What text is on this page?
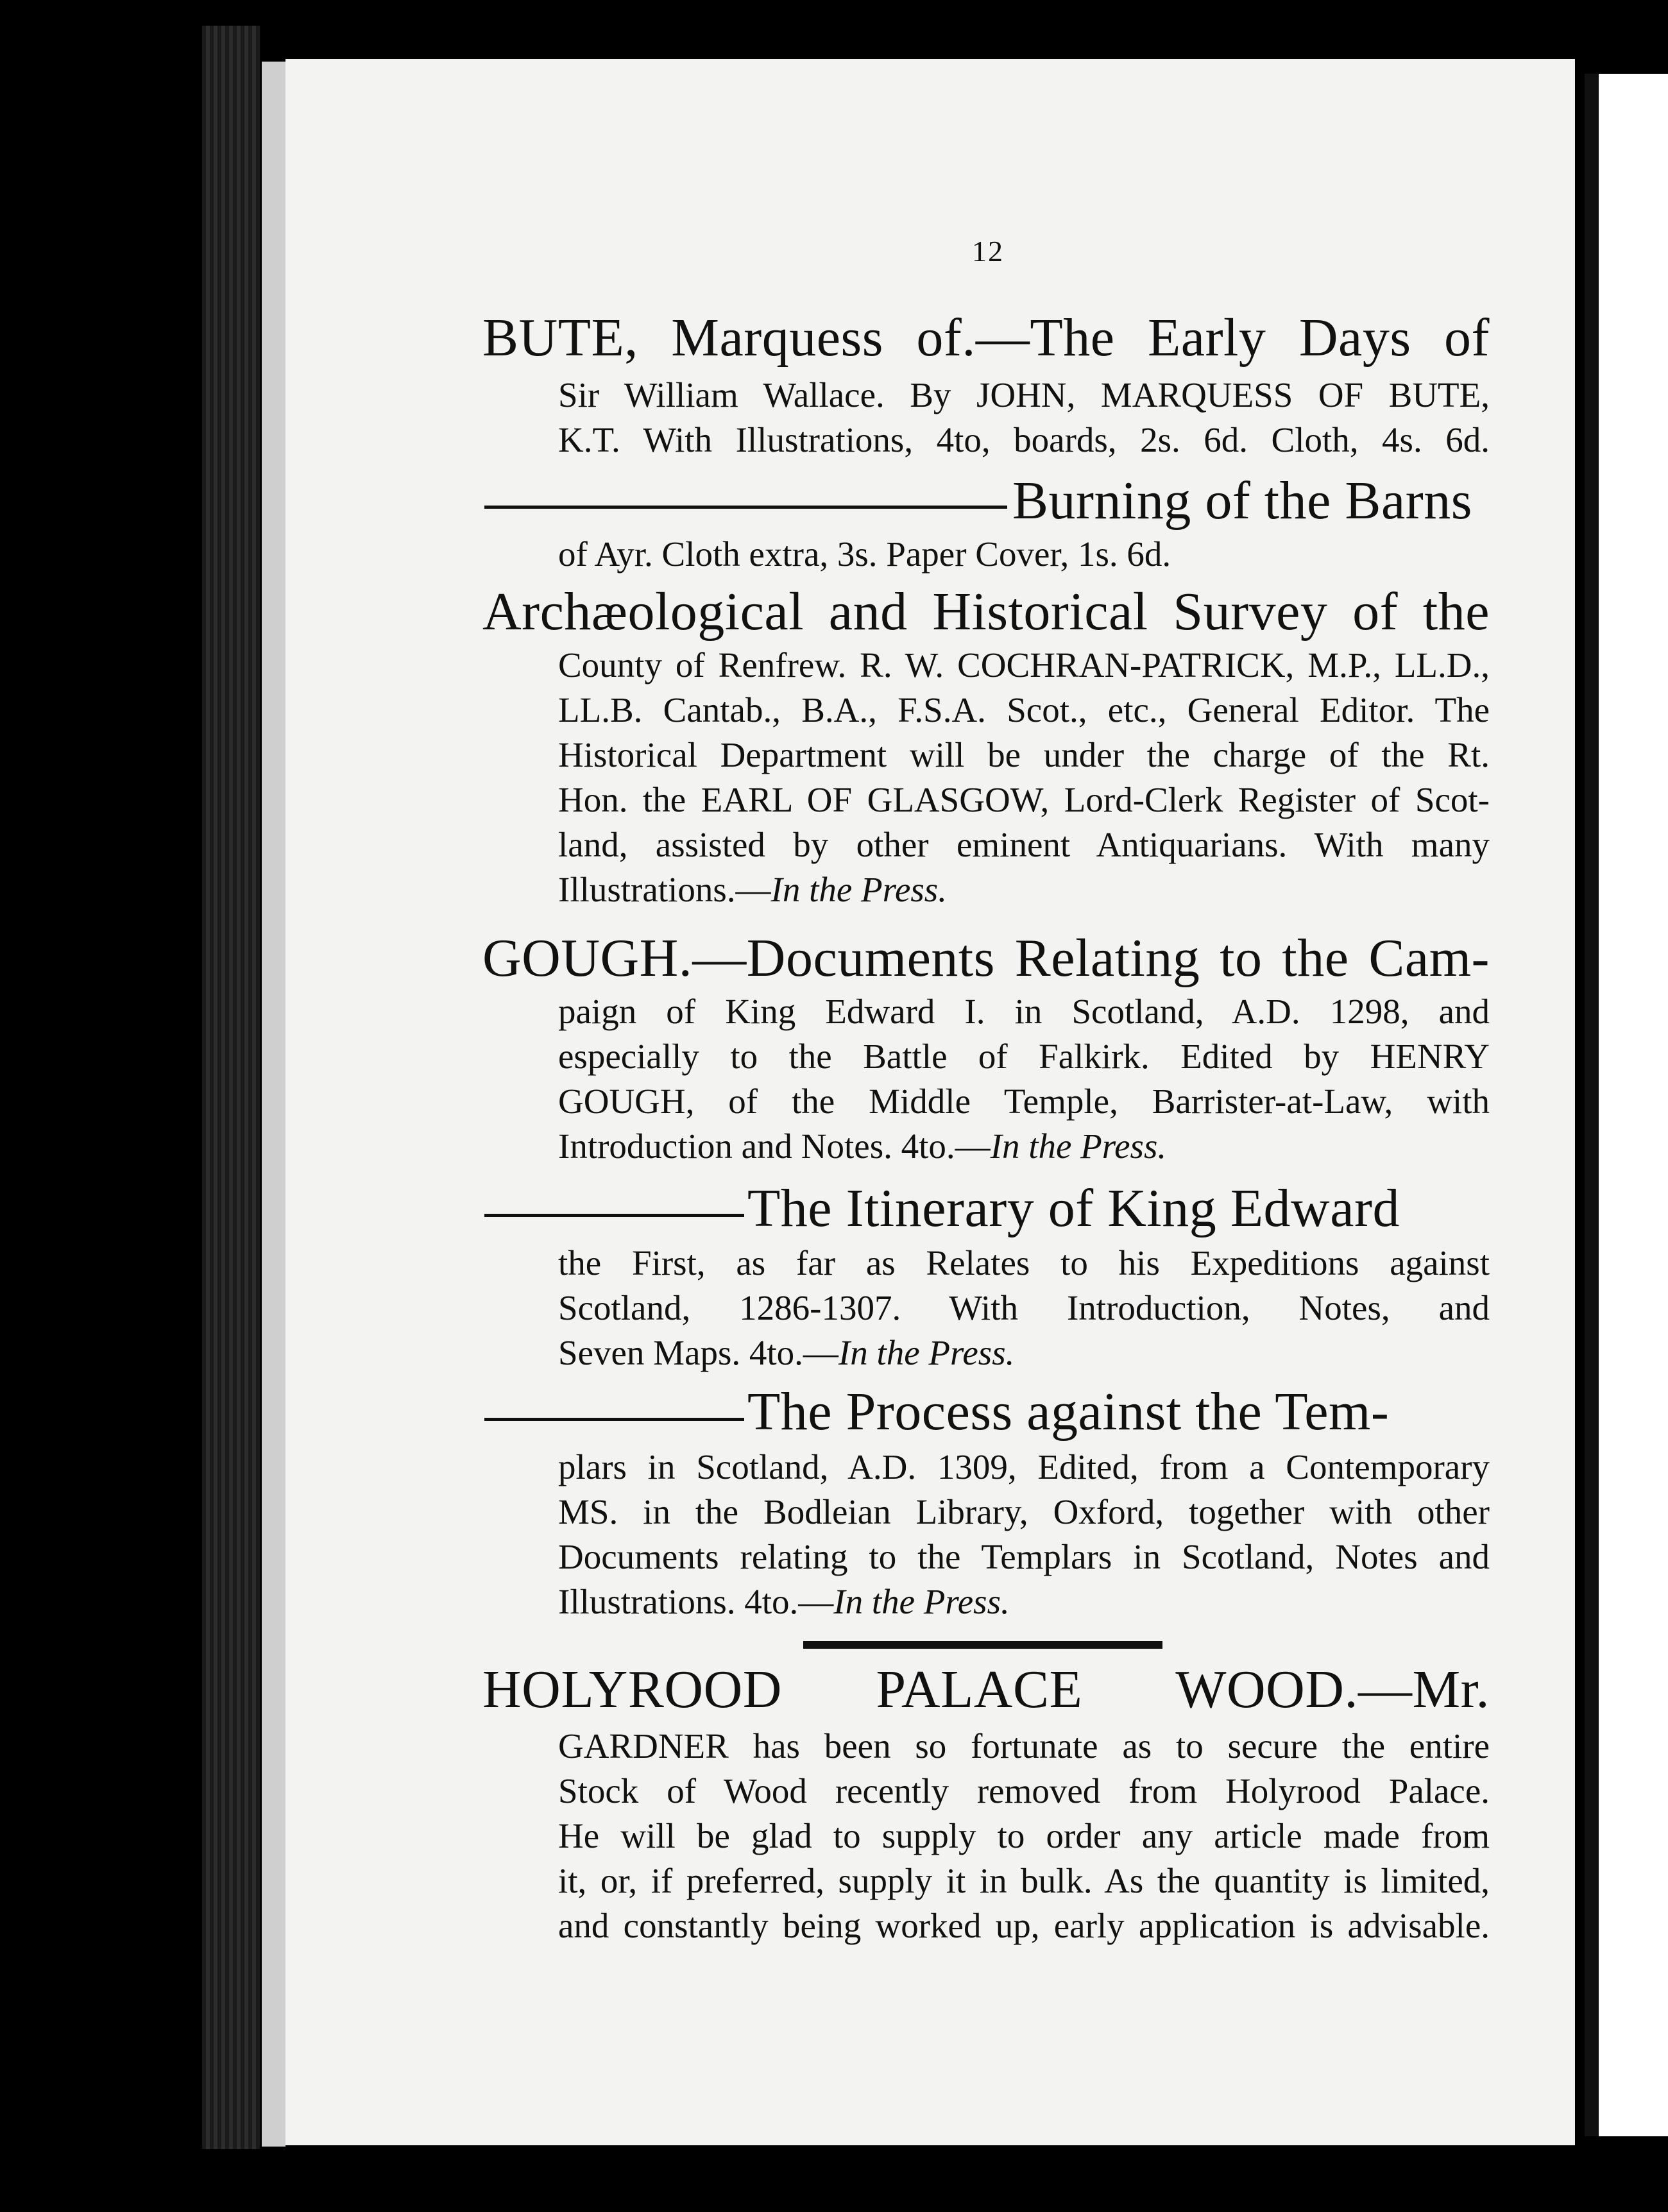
12
BUTE, Marquess of.—The Early Days of
Sir William Wallace. By JOHN, MARQUESS OF BUTE,
K.T. With Illustrations, 4to, boards, 2s. 6d. Cloth, 4s. 6d.
Burning of the Barns
of Ayr. Cloth extra, 3s. Paper Cover, 1s. 6d.
Archæological and Historical Survey of the
County of Renfrew. R. W. COCHRAN-PATRICK, M.P., LL.D.,
LL.B. Cantab., B.A., F.S.A. Scot., etc., General Editor. The
Historical Department will be under the charge of the Rt.
Hon. the EARL OF GLASGOW, Lord-Clerk Register of Scot-
land, assisted by other eminent Antiquarians. With many
Illustrations.—In the Press.
GOUGH.—Documents Relating to the Cam-
paign of King Edward I. in Scotland, A.D. 1298, and
especially to the Battle of Falkirk. Edited by HENRY
GOUGH, of the Middle Temple, Barrister-at-Law, with
Introduction and Notes. 4to.—In the Press.
The Itinerary of King Edward
the First, as far as Relates to his Expeditions against
Scotland, 1286-1307. With Introduction, Notes, and
Seven Maps. 4to.—In the Press.
The Process against the Tem-
plars in Scotland, A.D. 1309, Edited, from a Contemporary
MS. in the Bodleian Library, Oxford, together with other
Documents relating to the Templars in Scotland, Notes and
Illustrations. 4to.—In the Press.
HOLYROOD PALACE WOOD.—Mr.
GARDNER has been so fortunate as to secure the entire
Stock of Wood recently removed from Holyrood Palace.
He will be glad to supply to order any article made from
it, or, if preferred, supply it in bulk. As the quantity is limited,
and constantly being worked up, early application is advisable.
